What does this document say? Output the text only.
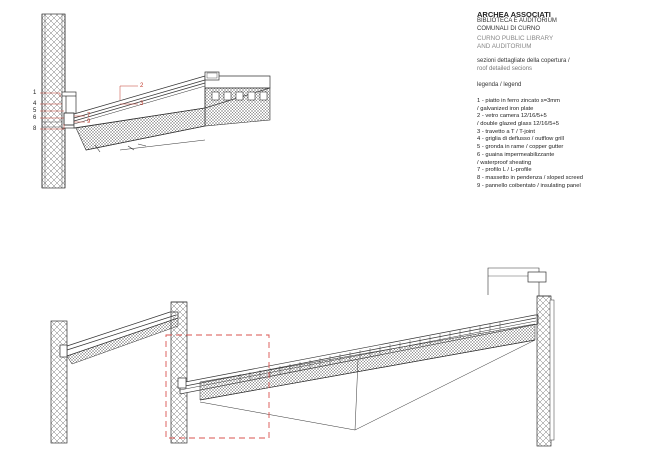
1
4
5
6
8
2
3
7
9
ARCHEA ASSOCIATI
BIBLIOTECA E AUDITORIUM
COMUNALI DI CURNO
CURNO PUBLIC LIBRARY
AND AUDITORIUM
sezioni dettagliate della copertura /
roof detailed secions
legenda / legend
1 - piatto in ferro zincato s=3mm
/ galvanized iron plate
2 - vetro camera 12/16/5+5
/ double glazed glass 12/16/5+5
3 - travetto a T / T-joint
4 - griglia di deflusso / outflow grill
5 - gronda in rame / copper gutter
6 - guaina impermeabilizzante
/ waterproof sheating
7 - profilo L / L-profile
8 - massetto in pendenza / sloped screed
9 - pannello coibentato / insulating panel
